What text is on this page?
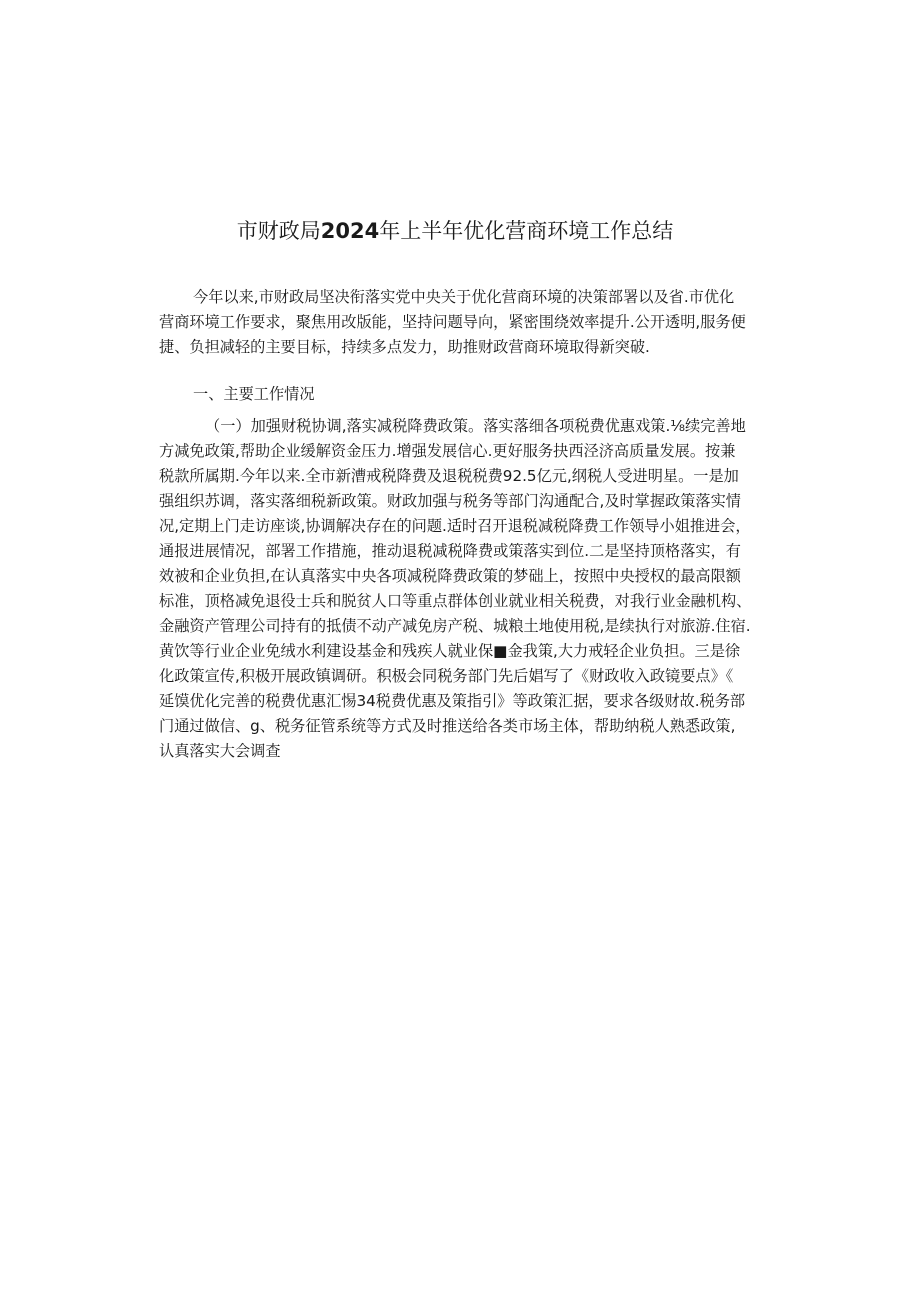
市财政局2024年上半年优化营商环境工作总结
今年以来,市财政局坚决衔落实党中央关于优化营商环境的决策部署以及省.市优化
营商环境工作要求，聚焦用改版能，坚持问题导向，紧密围绕效率提升.公开透明,服务便
捷、负担减轻的主要目标，持续多点发力，助推财政营商环境取得新突破.
一、主要工作情况
（一）加强财税协调,落实减税降费政策。落实落细各项税费优惠戏策.⅛续完善地
方减免政策,帮助企业缓解资金压力.增强发展信心.更好服务抉西泾济高质量发展。按兼
税款所属期.今年以来.全市新漕戒税降费及退税税费92.5亿元,纲税人受进明星。一是加
强组织苏调，落实落细税新政策。财政加强与税务等部门沟通配合,及时掌握政策落实情
况,定期上门走访座谈,协调解决存在的问题.适时召开退税减税降费工作领导小姐推进会，
通报进展情况，部署工作措施，推动退税减税降费或策落实到位.二是坚持顶格落实，有
效被和企业负担,在认真落实中央各项减税降费政策的梦础上，按照中央授权的最高限额
标准，顶格减免退役士兵和脱贫人口等重点群体创业就业相关税费，对我行业金融机构、
金融资产管理公司持有的抵债不动产减免房产税、城粮土地使用税,是续执行对旅游.住宿.
黄饮等行业企业免绒水利建设基金和残疾人就业保■金我策,大力戒轻企业负担。三是徐
化政策宣传,积极开展政镇调研。积极会同税务部门先后娼写了《财政收入政镜要点》《
延馍优化完善的税费优惠汇惕34税费优惠及策指引》等政策汇据，要求各级财故.税务部
门通过做信、g、税务征管系统等方式及时推送给各类市场主体，帮助纳税人熟悉政策,
认真落实大会调查
